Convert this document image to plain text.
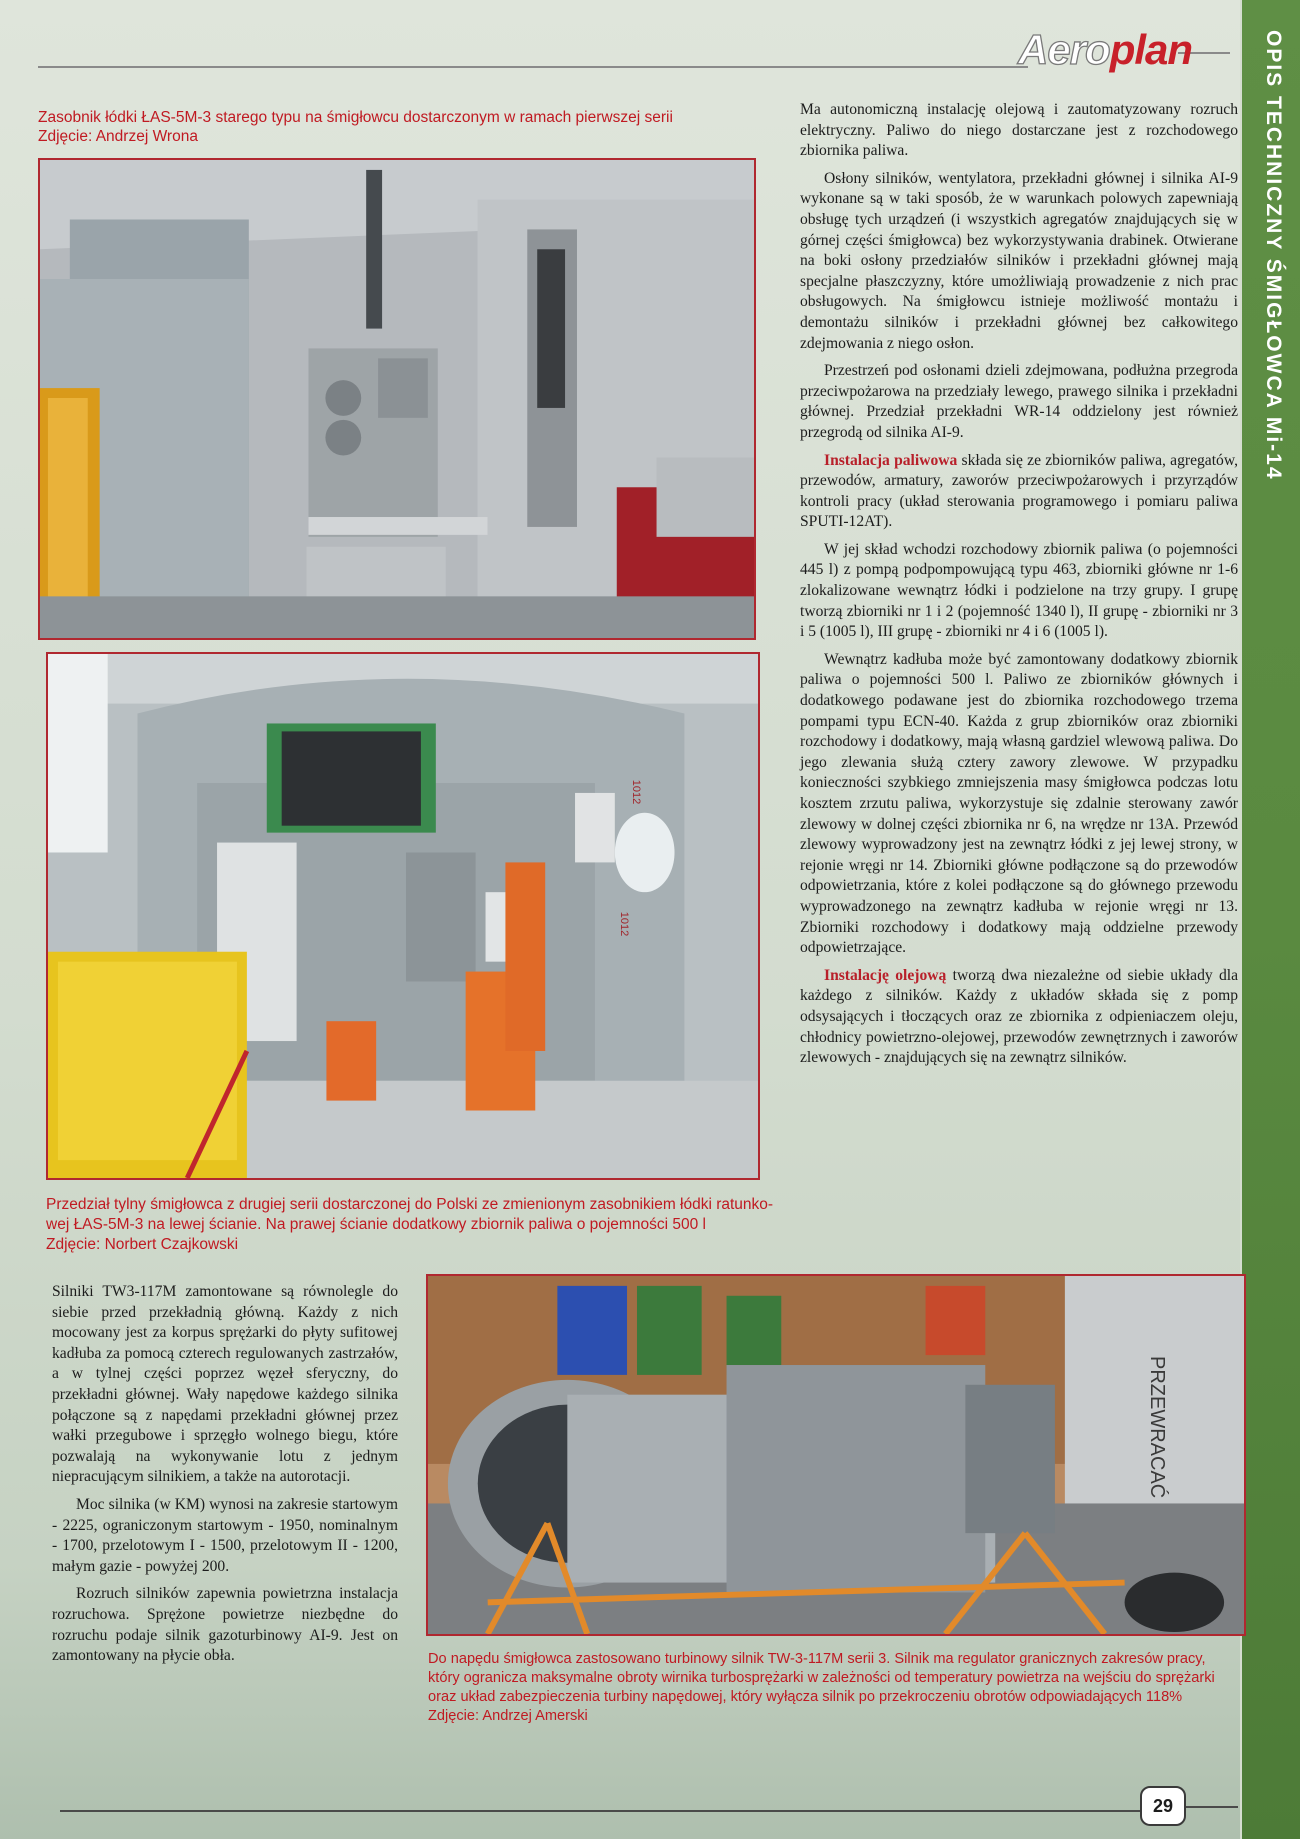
OPIS TECHNICZNY ŚMIGŁOWCA Mi-14
Aeroplan

Zasobnik łódki ŁAS-5M-3 starego typu na śmigłowcu dostarczonym w ramach pierwszej serii

Zdjęcie: Andrzej Wrona

1012
1012

Przedział tylny śmigłowca z drugiej serii dostarczonej do Polski ze zmienionym zasobnikiem łódki ratunko-

wej ŁAS-5M-3 na lewej ścianie. Na prawej ścianie dodatkowy zbiornik paliwa o pojemności 500 l

Zdjęcie: Norbert Czajkowski

Ma autonomiczną instalację olejową i zautomatyzowany rozruch elektryczny. Paliwo do niego dostarczane jest z rozchodowego zbiornika paliwa.

Osłony silników, wentylatora, przekładni głównej i silnika AI-9 wykonane są w taki sposób, że w warunkach polowych zapewniają obsługę tych urządzeń (i wszystkich agregatów znajdujących się w górnej części śmigłowca) bez wykorzystywania drabinek. Otwierane na boki osłony przedziałów silników i przekładni głównej mają specjalne płaszczyzny, które umożliwiają prowadzenie z nich prac obsługowych. Na śmigłowcu istnieje możliwość montażu i demontażu silników i przekładni głównej bez całkowitego zdejmowania z niego osłon.

Przestrzeń pod osłonami dzieli zdejmowana, podłużna przegroda przeciwpożarowa na przedziały lewego, prawego silnika i przekładni głównej. Przedział przekładni WR-14 oddzielony jest również przegrodą od silnika AI-9.

Instalacja paliwowa składa się ze zbiorników paliwa, agregatów, przewodów, armatury, zaworów przeciwpożarowych i przyrządów kontroli pracy (układ sterowania programowego i pomiaru paliwa SPUTI-12AT).

W jej skład wchodzi rozchodowy zbiornik paliwa (o pojemności 445 l) z pompą podpompowującą typu 463, zbiorniki główne nr 1-6 zlokalizowane wewnątrz łódki i podzielone na trzy grupy. I grupę tworzą zbiorniki nr 1 i 2 (pojemność 1340 l), II grupę - zbiorniki nr 3 i 5 (1005 l), III grupę - zbiorniki nr 4 i 6 (1005 l).

Wewnątrz kadłuba może być zamontowany dodatkowy zbiornik paliwa o pojemności 500 l. Paliwo ze zbiorników głównych i dodatkowego podawane jest do zbiornika rozchodowego trzema pompami typu ECN-40. Każda z grup zbiorników oraz zbiorniki rozchodowy i dodatkowy, mają własną gardziel wlewową paliwa. Do jego zlewania służą cztery zawory zlewowe. W przypadku konieczności szybkiego zmniejszenia masy śmigłowca podczas lotu kosztem zrzutu paliwa, wykorzystuje się zdalnie sterowany zawór zlewowy w dolnej części zbiornika nr 6, na wrędze nr 13A. Przewód zlewowy wyprowadzony jest na zewnątrz łódki z jej lewej strony, w rejonie wręgi nr 14. Zbiorniki główne podłączone są do przewodów odpowietrzania, które z kolei podłączone są do głównego przewodu wyprowadzonego na zewnątrz kadłuba w rejonie wręgi nr 13. Zbiorniki rozchodowy i dodatkowy mają oddzielne przewody odpowietrzające.

Instalację olejową tworzą dwa niezależne od siebie układy dla każdego z silników. Każdy z układów składa się z pomp odsysających i tłoczących oraz ze zbiornika z odpieniaczem oleju, chłodnicy powietrzno-olejowej, przewodów zewnętrznych i zaworów zlewowych - znajdujących się na zewnątrz silników.

Silniki TW3-117M zamontowane są równolegle do siebie przed przekładnią główną. Każdy z nich mocowany jest za korpus sprężarki do płyty sufitowej kadłuba za pomocą czterech regulowanych zastrzałów, a w tylnej części poprzez węzeł sferyczny, do przekładni głównej. Wały napędowe każdego silnika połączone są z napędami przekładni głównej przez wałki przegubowe i sprzęgło wolnego biegu, które pozwalają na wykonywanie lotu z jednym niepracującym silnikiem, a także na autorotacji.

Moc silnika (w KM) wynosi na zakresie startowym - 2225, ograniczonym startowym - 1950, nominalnym - 1700, przelotowym I - 1500, przelotowym II - 1200, małym gazie - powyżej 200.

Rozruch silników zapewnia powietrzna instalacja rozruchowa. Sprężone powietrze niezbędne do rozruchu podaje silnik gazoturbinowy AI-9. Jest on zamontowany na płycie obła.

PRZEWRACAĆ

Do napędu śmigłowca zastosowano turbinowy silnik TW-3-117M serii 3. Silnik ma regulator granicznych zakresów pracy,

który ogranicza maksymalne obroty wirnika turbosprężarki w zależności od temperatury powietrza na wejściu do sprężarki

oraz układ zabezpieczenia turbiny napędowej, który wyłącza silnik po przekroczeniu obrotów odpowiadających 118%

Zdjęcie: Andrzej Amerski

29
